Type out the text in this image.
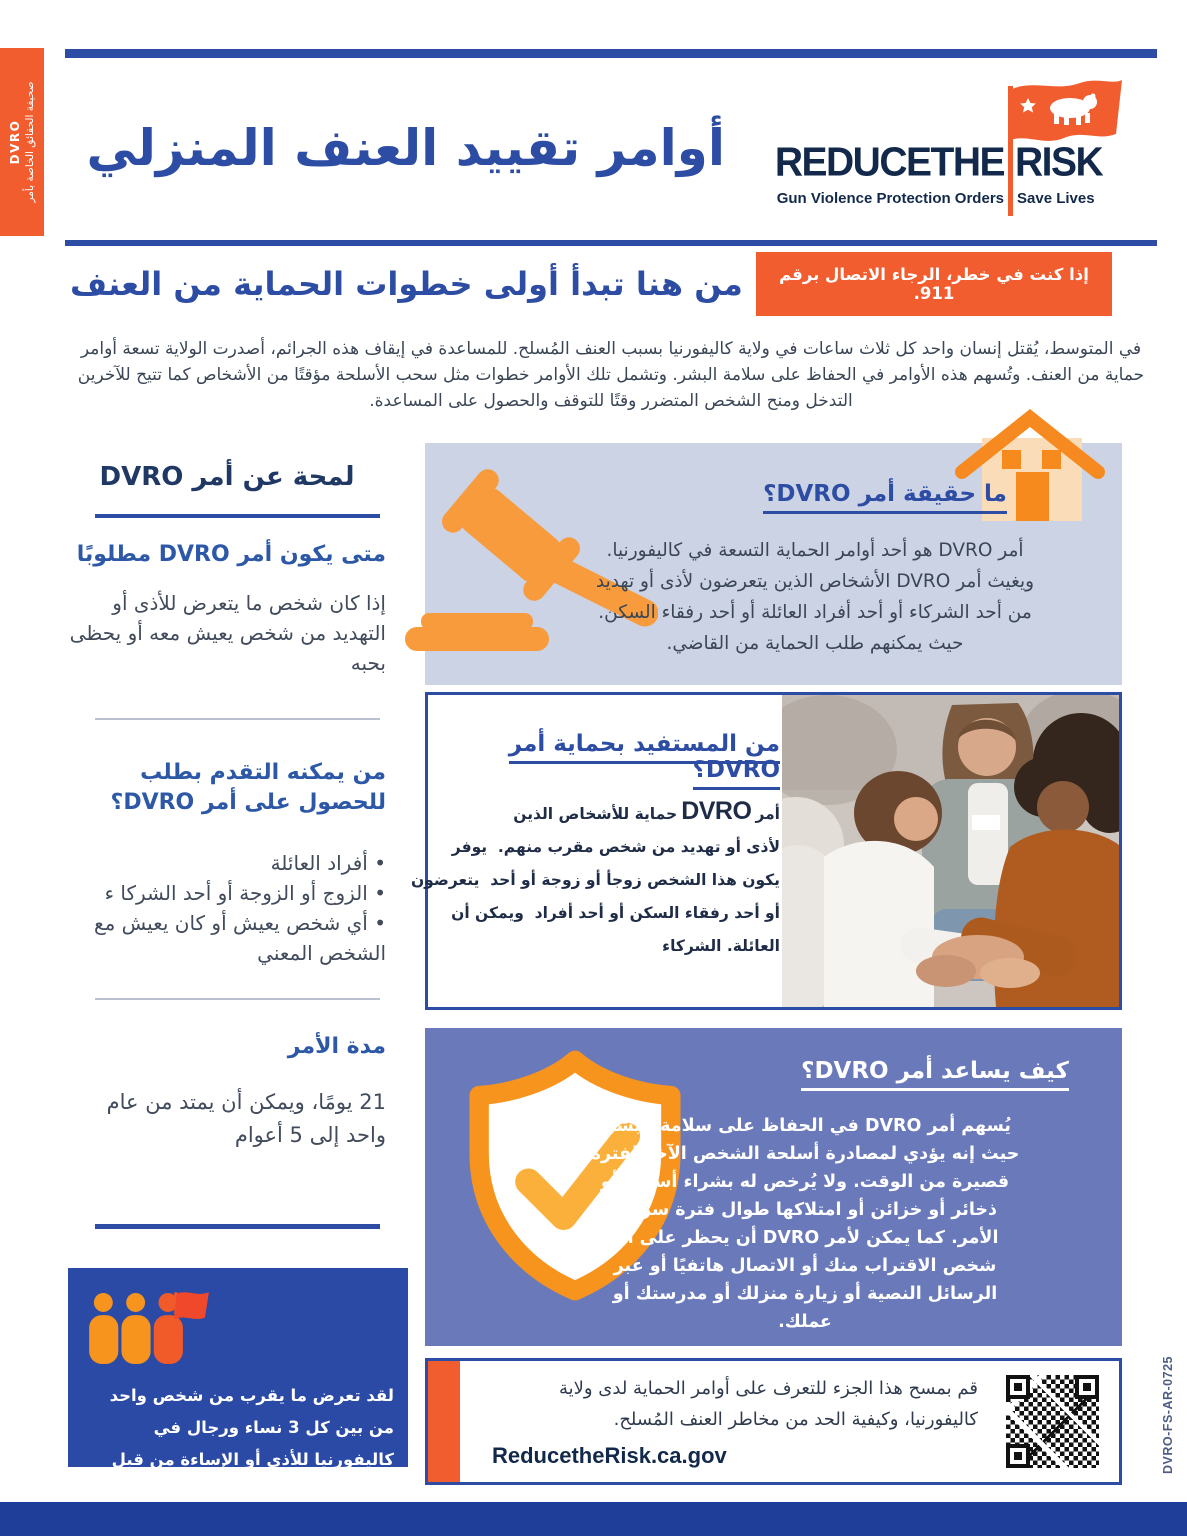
DVRO صحيفة الحقائق الخاصة بأمر	أوامر تقييد العنف المنزلي	REDUCETHE RISK
Gun Violence Protection Orders Save Lives
من هنا تبدأ أولى خطوات الحماية من العنف	إذا كنت في خطر، الرجاء الاتصال برقم 911.
في المتوسط، يُقتل إنسان واحد كل ثلاث ساعات في ولاية كاليفورنيا بسبب العنف المُسلح. للمساعدة في إيقاف هذه الجرائم، أصدرت الولاية تسعة أوامر حماية من العنف. وتُسهم هذه الأوامر في الحفاظ على سلامة البشر. وتشمل تلك الأوامر خطوات مثل سحب الأسلحة مؤقتًا من الأشخاص كما تتيح للآخرين التدخل ومنح الشخص المتضرر وقتًا للتوقف والحصول على المساعدة.
لمحة عن أمر DVRO
متى يكون أمر DVRO مطلوبًا
إذا كان شخص ما يتعرض للأذى أو التهديد من شخص يعيش معه أو يحظى بحبه
من يمكنه التقدم بطلب للحصول على أمر DVRO؟
• أفراد العائلة
• الزوج أو الزوجة أو أحد الشركا ء
• أي شخص يعيش أو كان يعيش مع الشخص المعني
مدة الأمر
21 يومًا، ويمكن أن يمتد من عام واحد إلى 5 أعوام
لقد تعرض ما يقرب من شخص واحد من بين كل 3 نساء ورجال في كاليفورنيا للأذى أو الإساءة من قبل شريك مقرب.
ما حقيقة أمر DVRO؟
أمر DVRO هو أحد أوامر الحماية التسعة في كاليفورنيا. ويغيث أمر DVRO الأشخاص الذين يتعرضون لأذى أو تهديد من أحد الشركاء أو أحد أفراد العائلة أو أحد رفقاء السكن. حيث يمكنهم طلب الحماية من القاضي.
من المستفيد بحماية أمر DVRO؟
أمرDVROحماية للأشخاص الذين
لأذى أو تهديد من شخص مقرب منهم.  يوفر
يكون هذا الشخص زوجأ أو زوجة أو أحد  يتعرضون
أو أحد رفقاء السكن أو أحد أفراد  ويمكن أن
العائلة. الشركاء
كيف يساعد أمر DVRO؟
يُسهم أمر DVRO في الحفاظ على سلامة البشر. حيث إنه يؤدي لمصادرة أسلحة الشخص الآخر لفترة قصيرة من الوقت. ولا يُرخص له بشراء أسلحة أو ذخائر أو خزائن أو امتلاكها طوال فترة سريان الأمر. كما يمكن لأمر DVRO أن يحظر على أي شخص الاقتراب منك أو الاتصال هاتفيًا أو عبر الرسائل النصية أو زيارة منزلك أو مدرستك أو عملك.
قم بمسح هذا الجزء للتعرف على أوامر الحماية لدى ولاية كاليفورنيا، وكيفية الحد من مخاطر العنف المُسلح.
ReducetheRisk.ca.gov	DVRO-FS-AR-0725
